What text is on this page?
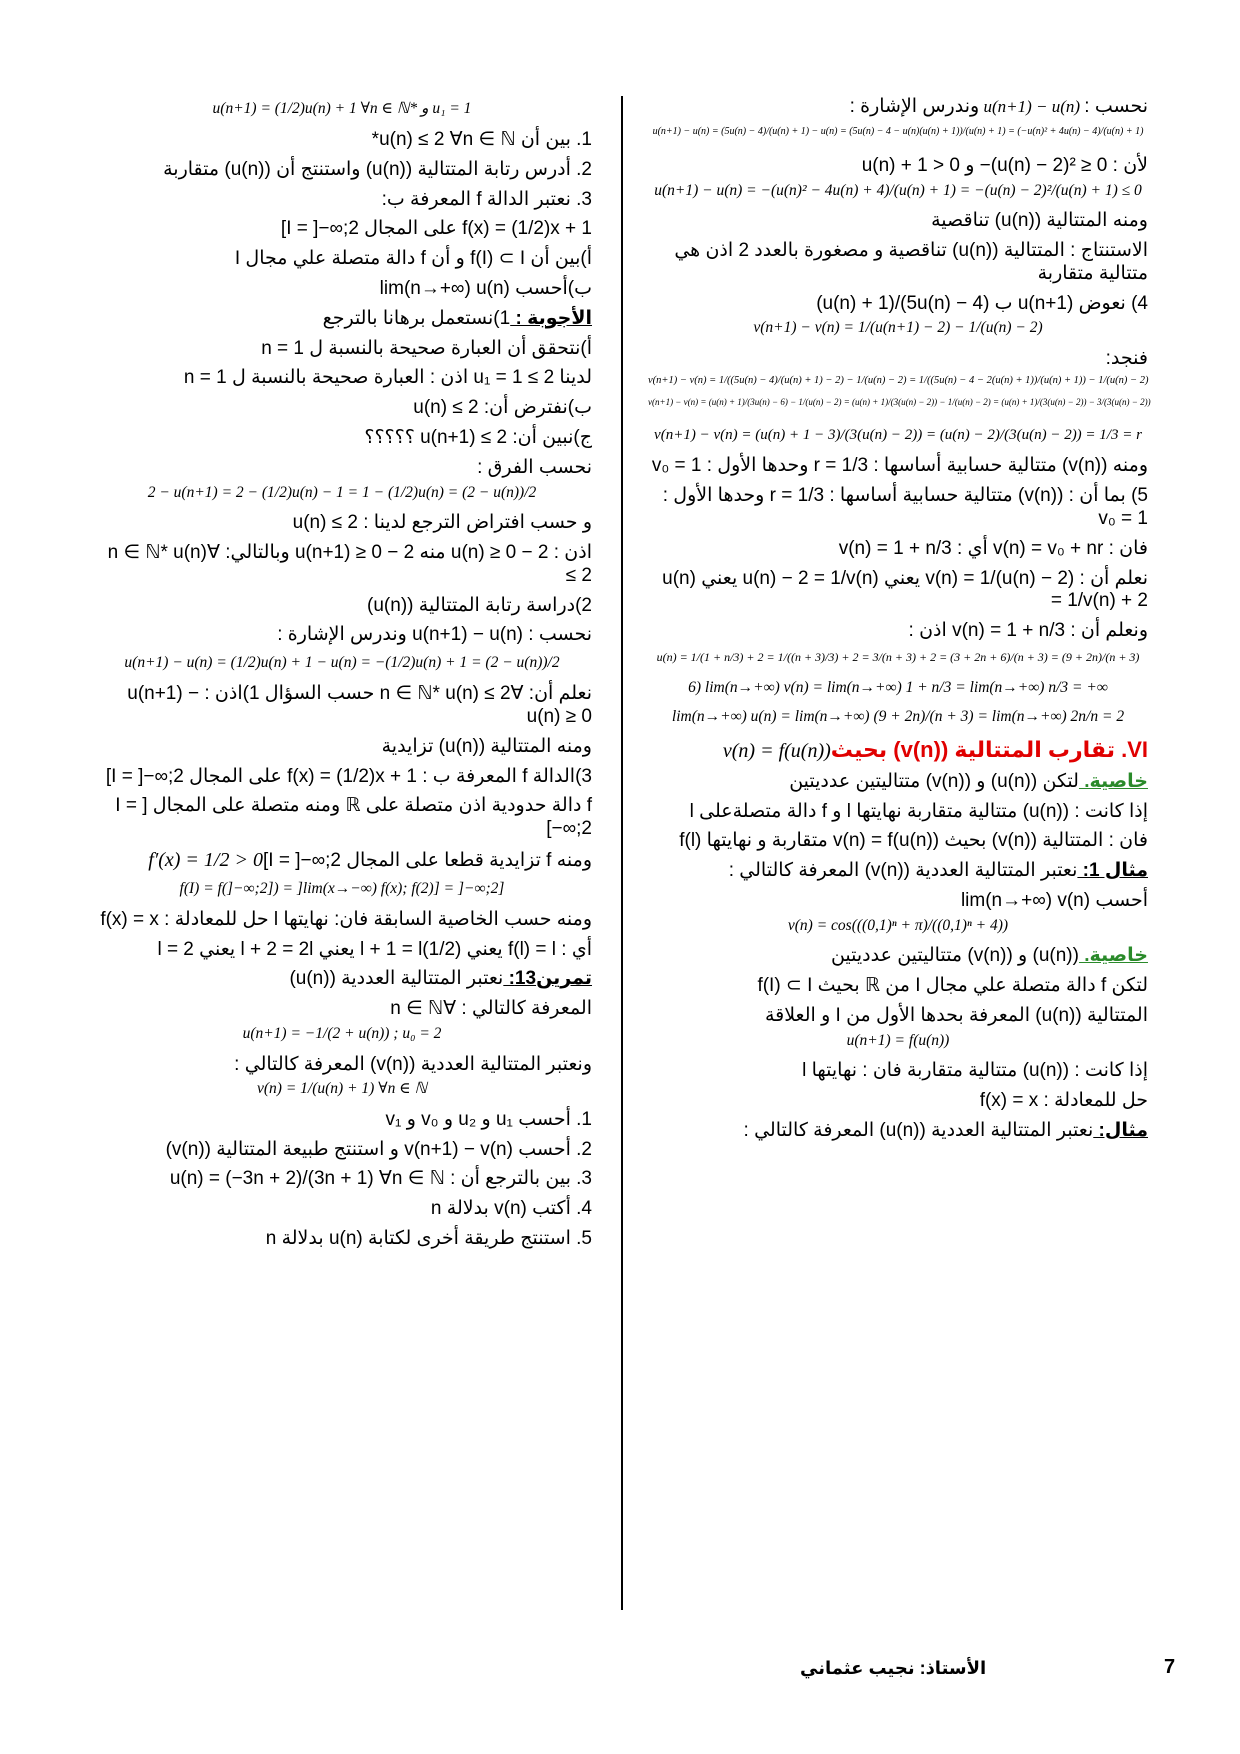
نحسب : u(n+1) − u(n) وندرس الإشارة :
u(n+1) − u(n) = (5u(n) − 4)/(u(n) + 1) − u(n) = (5u(n) − 4 − u(n)(u(n) + 1))/(u(n) + 1) = (−u(n)² + 4u(n) − 4)/(u(n) + 1)
لأن : 0 ≤ ²(u(n) − 2)− و 0 < u(n) + 1
u(n+1) − u(n) = −(u(n)² − 4u(n) + 4)/(u(n) + 1) = −(u(n) − 2)²/(u(n) + 1) ≤ 0
ومنه المتتالية (u(n)) تناقصية
الاستنتاج : المتتالية (u(n)) تناقصية و مصغورة بالعدد 2 اذن هي متتالية متقاربة
4) نعوض u(n+1) ب (5u(n) − 4)/(u(n) + 1)
v(n+1) − v(n) = 1/(u(n+1) − 2) − 1/(u(n) − 2)
فنجد:
v(n+1) − v(n) = 1/((5u(n) − 4)/(u(n) + 1) − 2) − 1/(u(n) − 2) = 1/((5u(n) − 4 − 2(u(n) + 1))/(u(n) + 1)) − 1/(u(n) − 2)
v(n+1) − v(n) = (u(n) + 1)/(3u(n) − 6) − 1/(u(n) − 2) = (u(n) + 1)/(3(u(n) − 2)) − 1/(u(n) − 2) = (u(n) + 1)/(3(u(n) − 2)) − 3/(3(u(n) − 2))
v(n+1) − v(n) = (u(n) + 1 − 3)/(3(u(n) − 2)) = (u(n) − 2)/(3(u(n) − 2)) = 1/3 = r
ومنه (v(n)) متتالية حسابية أساسها : r = 1/3 وحدها الأول : v₀ = 1
5) بما أن : (v(n)) متتالية حسابية أساسها : r = 1/3 وحدها الأول : v₀ = 1
فان : v(n) = v₀ + nr أي : v(n) = 1 + n/3
نعلم أن : v(n) = 1/(u(n) − 2) يعني u(n) − 2 = 1/v(n) يعني u(n) = 1/v(n) + 2
ونعلم أن : v(n) = 1 + n/3 اذن :
u(n) = 1/(1 + n/3) + 2 = 1/((n + 3)/3) + 2 = 3/(n + 3) + 2 = (3 + 2n + 6)/(n + 3) = (9 + 2n)/(n + 3)
6) lim(n→+∞) v(n) = lim(n→+∞) 1 + n/3 = lim(n→+∞) n/3 = +∞
lim(n→+∞) u(n) = lim(n→+∞) (9 + 2n)/(n + 3) = lim(n→+∞) 2n/n = 2
VI. تقارب المتتالية (v(n)) بحيث v(n) = f(u(n))
خاصية. لتكن (u(n)) و (v(n)) متتاليتين عدديتين
إذا كانت : (u(n)) متتالية متقاربة نهايتها l و f دالة متصلةعلى l
فان : المتتالية (v(n)) بحيث v(n) = f(u(n)) متقاربة و نهايتها f(l)
مثال 1: نعتبر المتتالية العددية (v(n)) المعرفة كالتالي :
أحسب lim(n→+∞) v(n)
v(n) = cos(((0,1)ⁿ + π)/((0,1)ⁿ + 4))
خاصية. (u(n)) و (v(n)) متتاليتين عدديتين
لتكن f دالة متصلة علي مجال I من ℝ بحيث f(I) ⊂ I
المتتالية (u(n)) المعرفة بحدها الأول من I و العلاقة
u(n+1) = f(u(n))
إذا كانت : (u(n)) متتالية متقاربة فان : نهايتها l
حل للمعادلة : f(x) = x
مثال: نعتبر المتتالية العددية (u(n)) المعرفة كالتالي :
u(n+1) = (1/2)u(n) + 1 ∀n ∈ ℕ* و u₁ = 1
1. بين أن u(n) ≤ 2 ∀n ∈ ℕ*
2. أدرس رتابة المتتالية (u(n)) واستنتج أن (u(n)) متقاربة
3. نعتبر الدالة f المعرفة ب:
f(x) = (1/2)x + 1 على المجال I = ]−∞;2]
أ)بين أن f(I) ⊂ I و أن f دالة متصلة علي مجال I
ب)أحسب lim(n→+∞) u(n)
الأجوبة : 1)نستعمل برهانا بالترجع
أ)نتحقق أن العبارة صحيحة بالنسبة ل n = 1
لدينا u₁ = 1 ≤ 2 اذن : العبارة صحيحة بالنسبة ل n = 1
ب)نفترض أن: u(n) ≤ 2
ج)نبين أن: u(n+1) ≤ 2 ؟؟؟؟؟
نحسب الفرق :
2 − u(n+1) = 2 − (1/2)u(n) − 1 = 1 − (1/2)u(n) = (2 − u(n))/2
و حسب افتراض الترجع لدينا : u(n) ≤ 2
اذن : 2 − u(n) ≥ 0 منه 2 − u(n+1) ≥ 0 وبالتالي: ∀n ∈ ℕ* u(n) ≤ 2
2)دراسة رتابة المتتالية (u(n))
نحسب : u(n+1) − u(n) وندرس الإشارة :
u(n+1) − u(n) = (1/2)u(n) + 1 − u(n) = −(1/2)u(n) + 1 = (2 − u(n))/2
نعلم أن: ∀n ∈ ℕ* u(n) ≤ 2 حسب السؤال 1)اذن : u(n+1) − u(n) ≥ 0
ومنه المتتالية (u(n)) تزايدية
3)الدالة f المعرفة ب : f(x) = (1/2)x + 1 على المجال I = ]−∞;2]
f دالة حدودية اذن متصلة على ℝ ومنه متصلة على المجال I = ]−∞;2]
ومنه f تزايدية قطعا على المجال I = ]−∞;2] f′(x) = 1/2 > 0
f(I) = f(]−∞;2]) = ]lim(x→−∞) f(x); f(2)] = ]−∞;2]
ومنه حسب الخاصية السابقة فان: نهايتها l حل للمعادلة : f(x) = x
أي : f(l) = l يعني (1/2)l + 1 = l يعني l + 2 = 2l يعني l = 2
تمرين13: نعتبر المتتالية العددية (u(n))
المعرفة كالتالي : ∀n ∈ ℕ
u(n+1) = −1/(2 + u(n)) ; u₀ = 2
ونعتبر المتتالية العددية (v(n)) المعرفة كالتالي :
v(n) = 1/(u(n) + 1) ∀n ∈ ℕ
1. أحسب u₁ و u₂ و v₀ و v₁
2. أحسب v(n+1) − v(n) و استنتج طبيعة المتتالية (v(n))
3. بين بالترجع أن : u(n) = (−3n + 2)/(3n + 1) ∀n ∈ ℕ
4. أكتب v(n) بدلالة n
5. استنتج طريقة أخرى لكتابة u(n) بدلالة n
الأستاذ: نجيب عثماني	7
